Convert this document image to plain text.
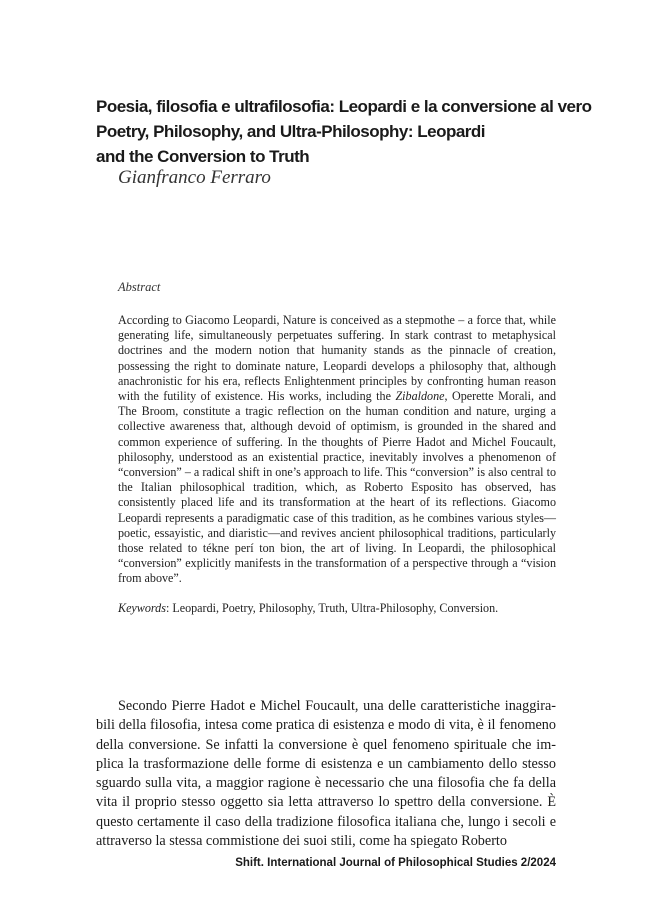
Poesia, filosofia e ultrafilosofia: Leopardi e la conversione al vero
Poetry, Philosophy, and Ultra-Philosophy: Leopardi
and the Conversion to Truth
Gianfranco Ferraro
Abstract

According to Giacomo Leopardi, Nature is conceived as a stepmothe – a force that, while generating life, simultaneously perpetuates suffering. In stark contrast to metaphysical doctrines and the modern notion that humanity stands as the pinnacle of creation, possessing the right to dominate nature, Leopardi develops a philosophy that, although anachronistic for his era, reflects Enlightenment principles by confronting human reason with the futility of existence. His works, including the Zibaldone, Operette Morali, and The Broom, constitute a tragic reflection on the human condition and nature, urging a collective awareness that, although devoid of optimism, is grounded in the shared and common experience of suffering. In the thoughts of Pierre Hadot and Michel Foucault, philosophy, understood as an existential practice, inevitably involves a phenomenon of “conversion” – a radical shift in one’s approach to life. This “conversion” is also central to the Italian philosophical tradition, which, as Roberto Esposito has observed, has consistently placed life and its transformation at the heart of its reflections. Giacomo Leopardi represents a paradigmatic case of this tradition, as he combines various styles—poetic, essayistic, and diaristic—and revives ancient philosophical traditions, particularly those related to tékne perí ton bion, the art of living. In Leopardi, the philosophical “conversion” explicitly manifests in the transformation of a perspective through a “vision from above”.

Keywords: Leopardi, Poetry, Philosophy, Truth, Ultra-Philosophy, Conversion.

Secondo Pierre Hadot e Michel Foucault, una delle caratteristiche inaggirabili della filosofia, intesa come pratica di esistenza e modo di vita, è il fenomeno della conversione. Se infatti la conversione è quel fenomeno spirituale che implica la trasformazione delle forme di esistenza e un cambiamento dello stesso sguardo sulla vita, a maggior ragione è necessario che una filosofia che fa della vita il proprio stesso oggetto sia letta attraverso lo spettro della conversione. È questo certamente il caso della tradizione filosofica italiana che, lungo i secoli e attraverso la stessa commistione dei suoi stili, come ha spiegato Roberto

Shift. International Journal of Philosophical Studies 2/2024
